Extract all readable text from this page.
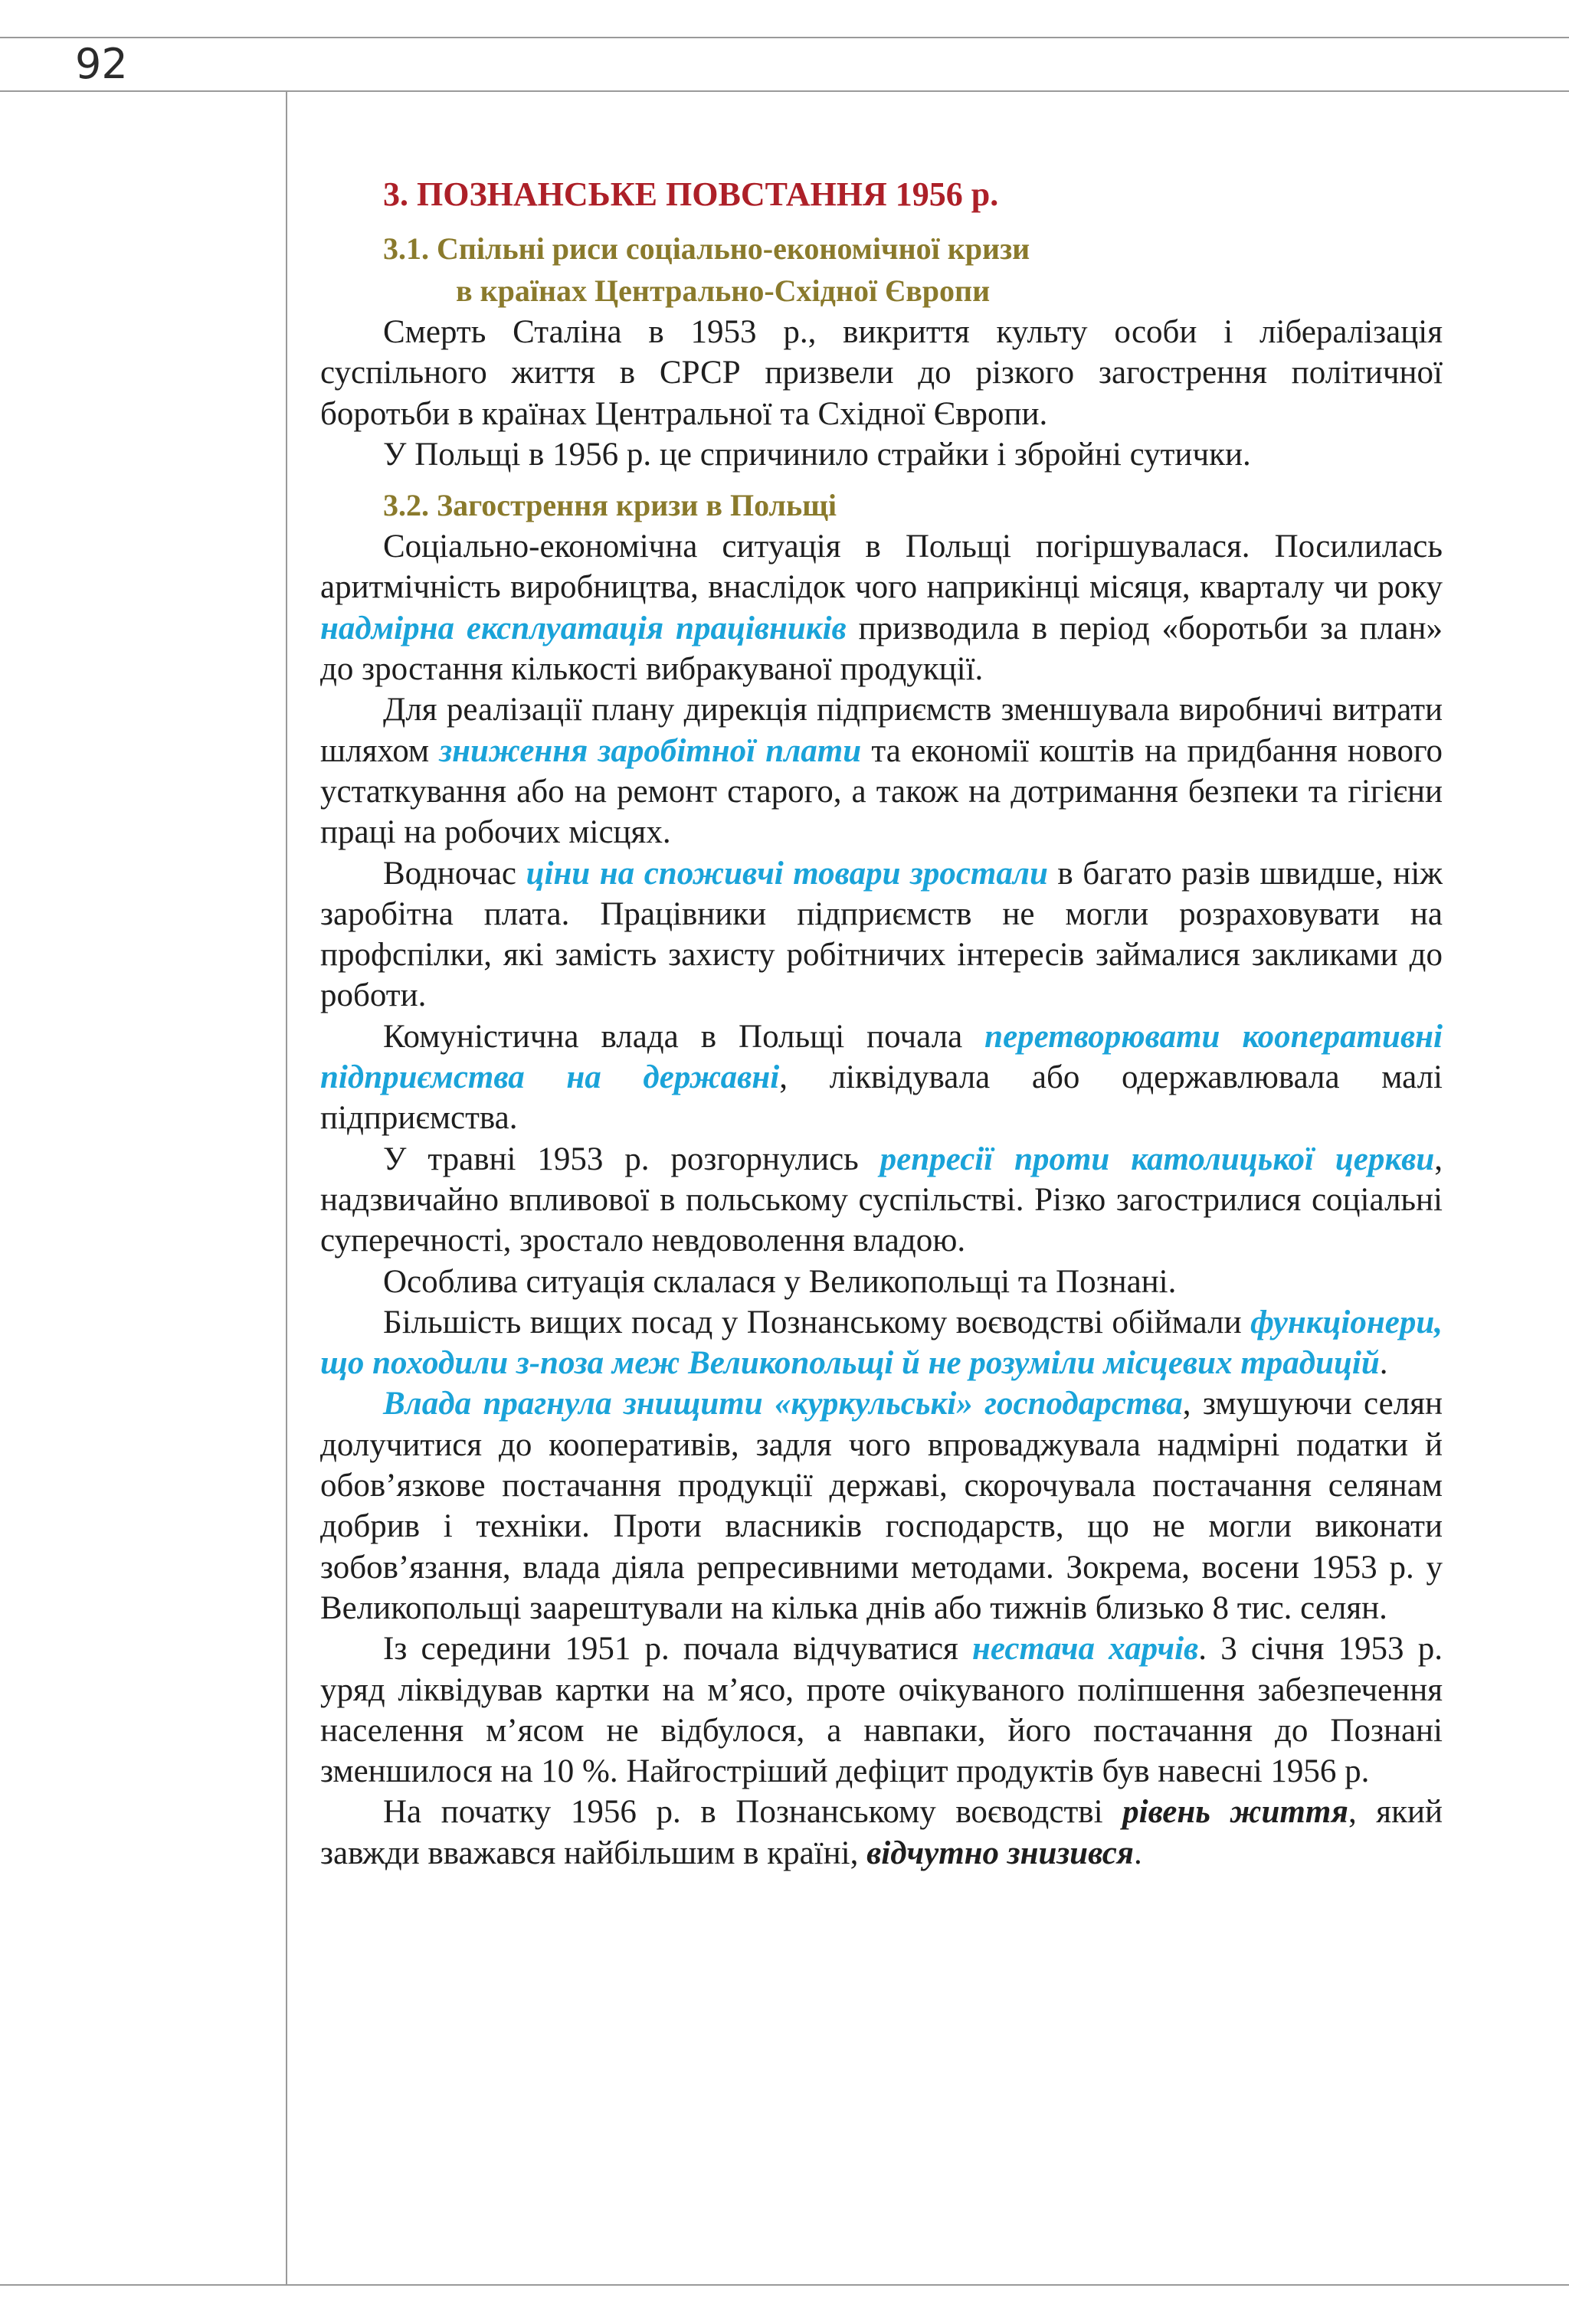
92
3. ПОЗНАНСЬКЕ ПОВСТАННЯ 1956 р.
3.1. Спільні риси соціально-економічної кризи
в країнах Центрально-Східної Європи

Смерть Сталіна в 1953 р., викриття культу особи і лібералізація суспільного життя в СРСР призвели до різкого загострення політичної боротьби в країнах Центральної та Східної Європи.

У Польщі в 1956 р. це спричинило страйки і збройні сутички.

3.2. Загострення кризи в Польщі

Соціально-економічна ситуація в Польщі погіршувалася. Посилилась аритмічність виробництва, внаслідок чого наприкінці місяця, кварталу чи року надмірна експлуатація працівників призводила в період «боротьби за план» до зростання кількості вибракуваної продукції.

Для реалізації плану дирекція підприємств зменшувала виробничі витрати шляхом зниження заробітної плати та економії коштів на придбання нового устаткування або на ремонт старого, а також на дотримання безпеки та гігієни праці на робочих місцях.

Водночас ціни на споживчі товари зростали в багато разів швидше, ніж заробітна плата. Працівники підприємств не могли розраховувати на профспілки, які замість захисту робітничих інтересів займалися закликами до роботи.

Комуністична влада в Польщі почала перетворювати кооперативні підприємства на державні, ліквідувала або одержавлювала малі підприємства.

У травні 1953 р. розгорнулись репресії проти католицької церкви, надзвичайно впливової в польському суспільстві. Різко загострилися соціальні суперечності, зростало невдоволення владою.

Особлива ситуація склалася у Великопольщі та Познані.

Більшість вищих посад у Познанському воєводстві обіймали функціонери, що походили з-поза меж Великопольщі й не розуміли місцевих традицій.

Влада прагнула знищити «куркульські» господарства, змушуючи селян долучитися до кооперативів, задля чого впроваджувала надмірні податки й обов’язкове постачання продукції державі, скорочувала постачання селянам добрив і техніки. Проти власників господарств, що не могли виконати зобов’язання, влада діяла репресивними методами. Зокрема, восени 1953 р. у Великопольщі заарештували на кілька днів або тижнів близько 8 тис. селян.

Із середини 1951 р. почала відчуватися нестача харчів. 3 січня 1953 р. уряд ліквідував картки на м’ясо, проте очікуваного поліпшення забезпечення населення м’ясом не відбулося, а навпаки, його постачання до Познані зменшилося на 10 %. Найгостріший дефіцит продуктів був навесні 1956 р.

На початку 1956 р. в Познанському воєводстві рівень життя, який завжди вважався найбільшим в країні, відчутно знизився.
